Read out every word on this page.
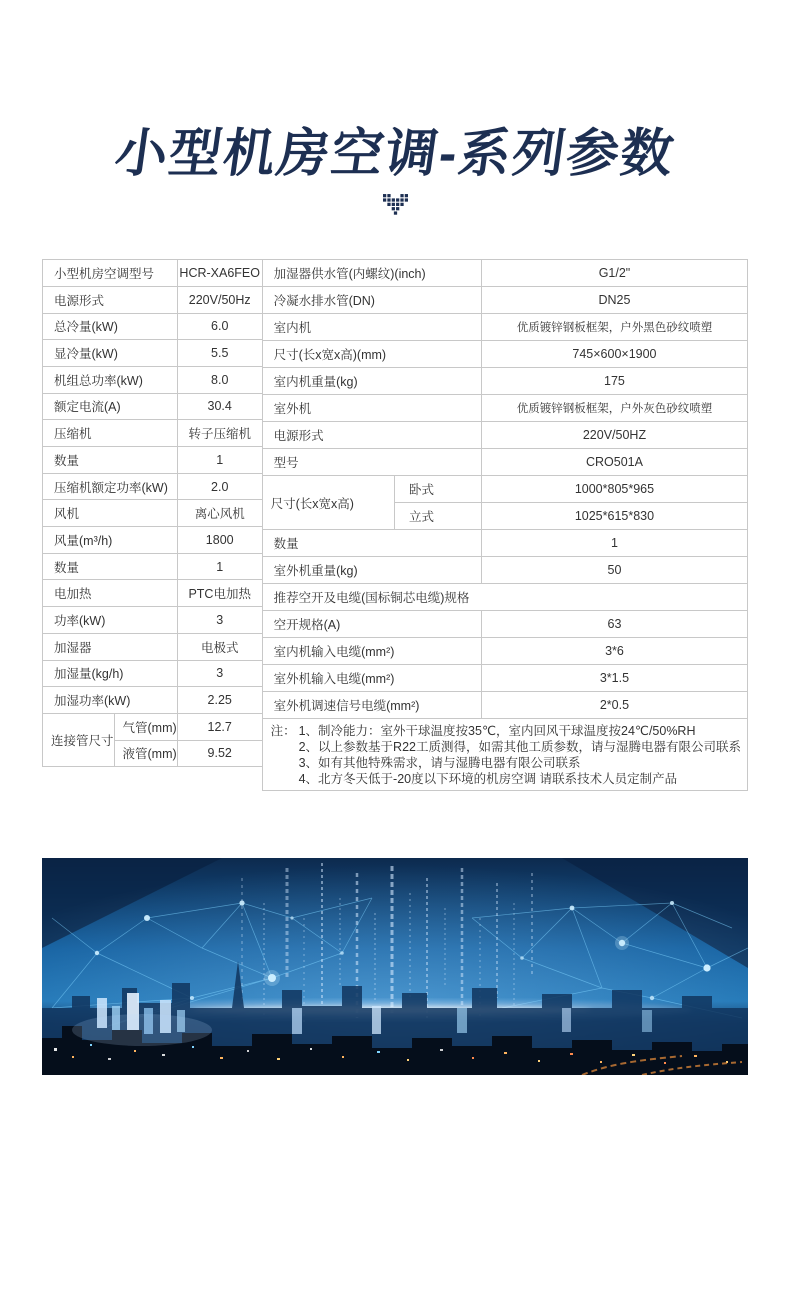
小型机房空调-系列参数
小型机房空调型号		HCR-XA6FEO
电源形式		220V/50Hz
总冷量(kW)		6.0
显冷量(kW)		5.5
机组总功率(kW)		8.0
额定电流(A)		30.4
压缩机		转子压缩机
数量		1
压缩机额定功率(kW)		2.0
风机		离心风机
风量(m³/h)		1800
数量		1
电加热		PTC电加热
功率(kW)		3
加湿器		电极式
加湿量(kg/h)		3
加湿功率(kW)		2.25
连接管尺寸	气管(mm)	12.7
	液管(mm)	9.52
加湿器供水管(内螺纹)(inch)		G1/2"
冷凝水排水管(DN)		DN25
室内机		优质镀锌钢板框架，户外黑色砂纹喷塑
尺寸(长x宽x高)(mm)		745×600×1900
室内机重量(kg)		175
室外机		优质镀锌钢板框架，户外灰色砂纹喷塑
电源形式		220V/50HZ
型号		CRO501A
尺寸(长x宽x高)	卧式	1000*805*965
	立式	1025*615*830
数量		1
室外机重量(kg)		50
推荐空开及电缆(国标铜芯电缆)规格		
空开规格(A)		63
室内机输入电缆(mm²)		3*6
室外机输入电缆(mm²)		3*1.5
室外机调速信号电缆(mm²)		2*0.5

注： 1、制冷能力：室外干球温度按35℃，室内回风干球温度按24℃/50%RH
2、以上参数基于R22工质测得，如需其他工质参数，请与湿腾电器有限公司联系
3、如有其他特殊需求，请与湿腾电器有限公司联系
4、北方冬天低于-20度以下环境的机房空调 请联系技术人员定制产品		
